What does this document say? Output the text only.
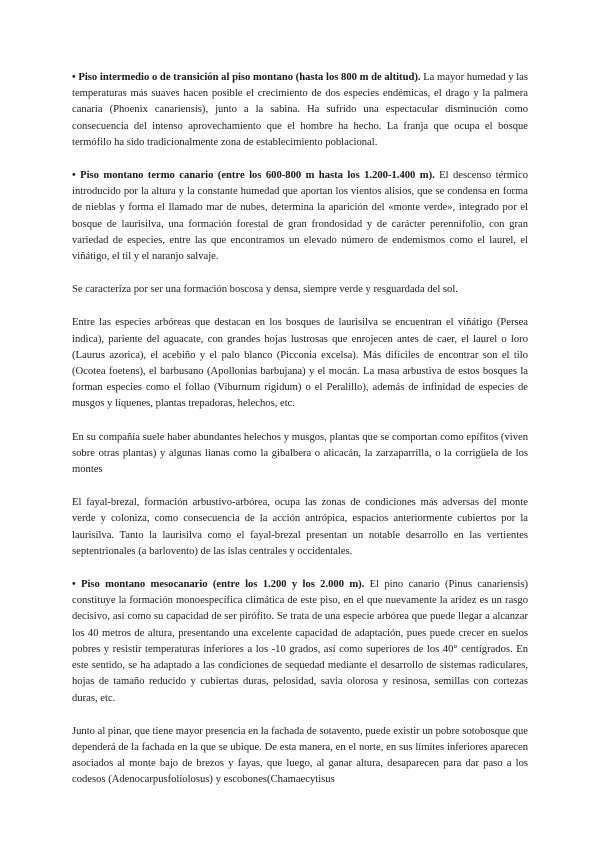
• Piso intermedio o de transición al piso montano (hasta los 800 m de altitud). La mayor humedad y las temperaturas más suaves hacen posible el crecimiento de dos especies endémicas, el drago y la palmera canaria (Phoenix canariensis), junto a la sabina. Ha sufrido una espectacular disminución como consecuencia del intenso aprovechamiento que el hombre ha hecho. La franja que ocupa el bosque termófilo ha sido tradicionalmente zona de establecimiento poblacional.

• Piso montano termo canario (entre los 600-800 m hasta los 1.200-1.400 m). El descenso térmico introducido por la altura y la constante humedad que aportan los vientos alisios, que se condensa en forma de nieblas y forma el llamado mar de nubes, determina la aparición del «monte verde», integrado por el bosque de laurisilva, una formación forestal de gran frondosidad y de carácter perennifolio, con gran variedad de especies, entre las que encontramos un elevado número de endemismos como el laurel, el viñátigo, el til y el naranjo salvaje.

Se caracteriza por ser una formación boscosa y densa, siempre verde y resguardada del sol.

Entre las especies arbóreas que destacan en los bosques de laurisilva se encuentran el viñátigo (Persea indica), pariente del aguacate, con grandes hojas lustrosas que enrojecen antes de caer, el laurel o loro (Laurus azorica), el acebiño y el palo blanco (Picconia excelsa). Más difíciles de encontrar son el tilo (Ocotea foetens), el barbusano (Apollonias barbujana) y el mocán. La masa arbustiva de estos bosques la forman especies como el follao (Viburnum rigidum) o el Peralillo), además de infinidad de especies de musgos y líquenes, plantas trepadoras, helechos, etc.

En su compañía suele haber abundantes helechos y musgos, plantas que se comportan como epífitos (viven sobre otras plantas) y algunas lianas como la gibalbera o alicacán, la zarzaparrilla, o la corrigüela de los montes

El fayal-brezal, formación arbustivo-arbórea, ocupa las zonas de condiciones más adversas del monte verde y coloniza, como consecuencia de la acción antrópica, espacios anteriormente cubiertos por la laurisilva. Tanto la laurisilva como el fayal-brezal presentan un notable desarrollo en las vertientes septentrionales (a barlovento) de las islas centrales y occidentales.

• Piso montano mesocanario (entre los 1.200 y los 2.000 m). El pino canario (Pinus canariensis) constituye la formación monoespecífica climática de este piso, en el que nuevamente la aridez es un rasgo decisivo, así como su capacidad de ser pirófito. Se trata de una especie arbórea que puede llegar a alcanzar los 40 metros de altura, presentando una excelente capacidad de adaptación, pues puede crecer en suelos pobres y resistir temperaturas inferiores a los -10 grados, así como superiores de los 40° centígrados. En este sentido, se ha adaptado a las condiciones de sequedad mediante el desarrollo de sistemas radiculares, hojas de tamaño reducido y cubiertas duras, pelosidad, savia olorosa y resinosa, semillas con cortezas duras, etc.

Junto al pinar, que tiene mayor presencia en la fachada de sotavento, puede existir un pobre sotobosque que dependerá de la fachada en la que se ubique. De esta manera, en el norte, en sus límites inferiores aparecen asociados al monte bajo de brezos y fayas, que luego, al ganar altura, desaparecen para dar paso a los codesos (Adenocarpusfoliolosus) y escobones(Chamaecytisus
